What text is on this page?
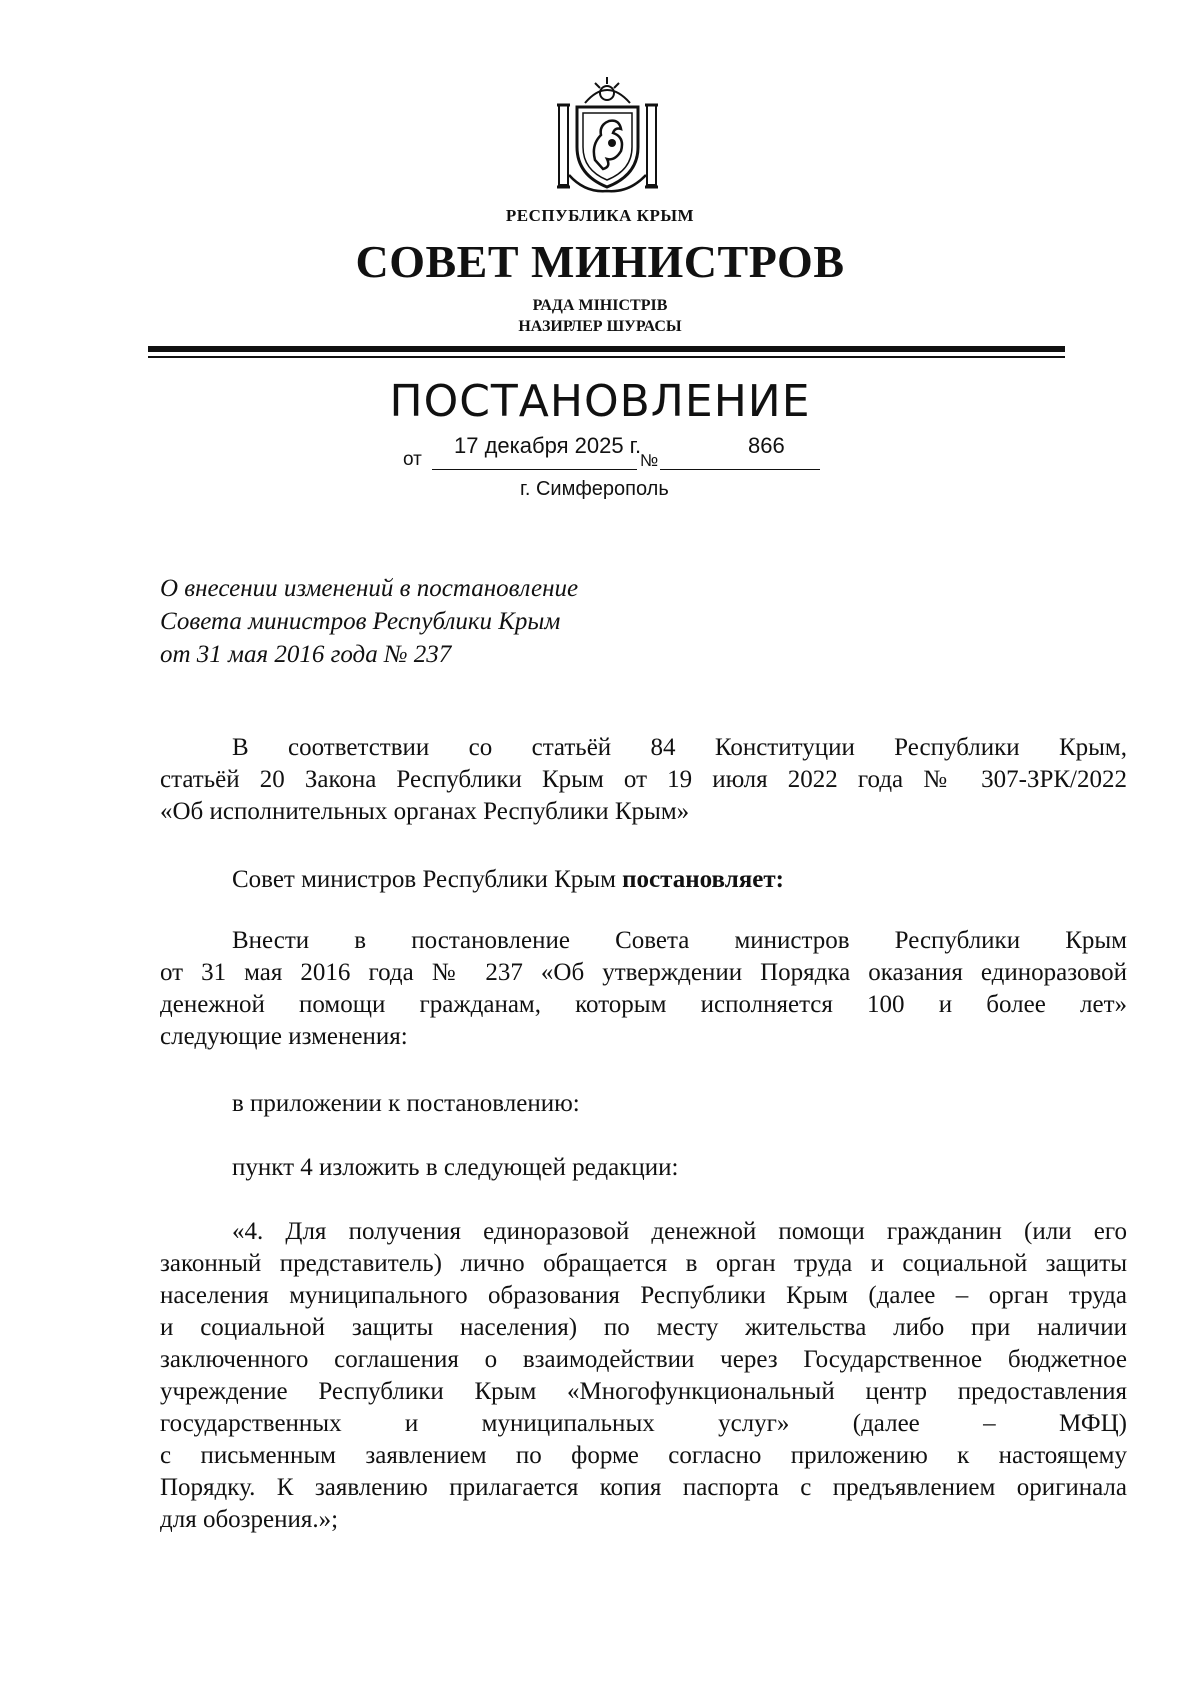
РЕСПУБЛИКА КРЫМ
СОВЕТ МИНИСТРОВ
РАДА МІНІСТРІВ
НАЗИРЛЕР ШУРАСЫ
ПОСТАНОВЛЕНИЕ
от
17 декабря 2025 г.
№
866
г. Симферополь
О внесении изменений в постановление
Совета министров Республики Крым
от 31 мая 2016 года № 237
В соответствии со статьёй 84 Конституции Республики Крым,
статьёй 20 Закона Республики Крым от 19 июля 2022 года № 307-ЗРК/2022
«Об исполнительных органах Республики Крым»
Совет министров Республики Крым постановляет:
Внести в постановление Совета министров Республики Крым
от 31 мая 2016 года № 237 «Об утверждении Порядка оказания единоразовой
денежной помощи гражданам, которым исполняется 100 и более лет»
следующие изменения:
в приложении к постановлению:
пункт 4 изложить в следующей редакции:
«4. Для получения единоразовой денежной помощи гражданин (или его
законный представитель) лично обращается в орган труда и социальной защиты
населения муниципального образования Республики Крым (далее – орган труда
и социальной защиты населения) по месту жительства либо при наличии
заключенного соглашения о взаимодействии через Государственное бюджетное
учреждение Республики Крым «Многофункциональный центр предоставления
государственных и муниципальных услуг» (далее – МФЦ)
с письменным заявлением по форме согласно приложению к настоящему
Порядку. К заявлению прилагается копия паспорта с предъявлением оригинала
для обозрения.»;
